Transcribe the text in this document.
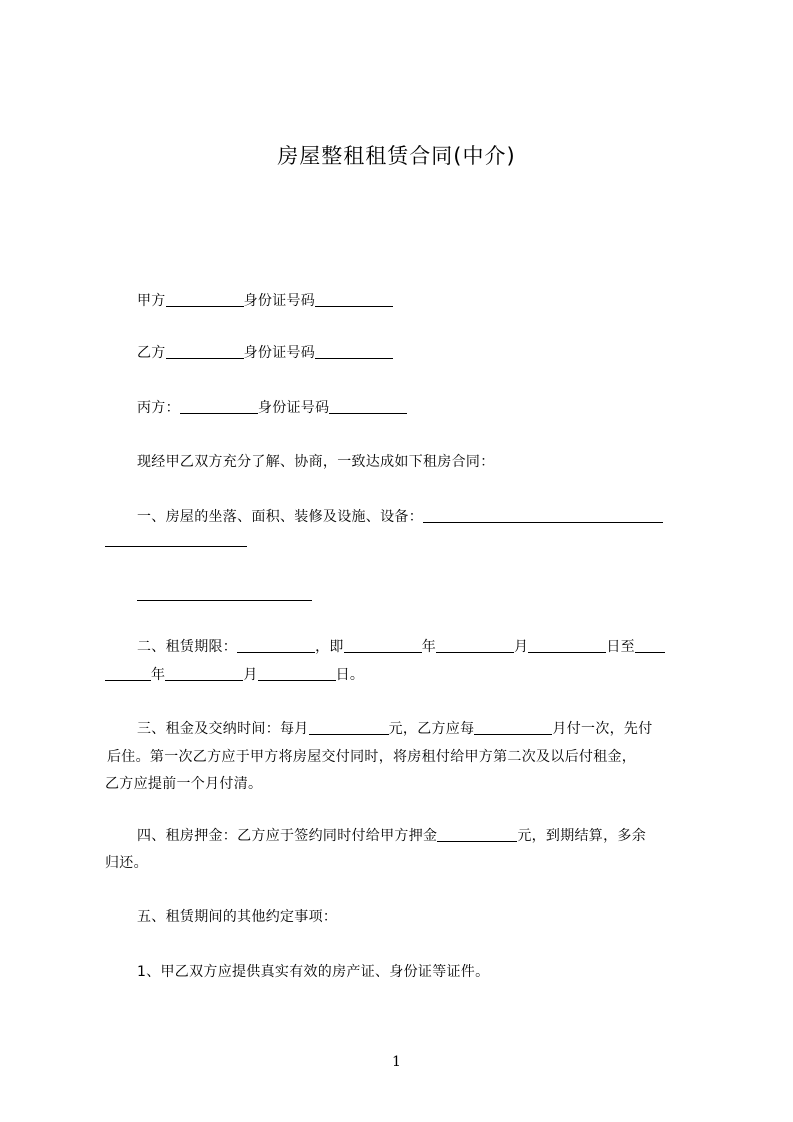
房屋整租租赁合同(中介)
甲方	身份证号码
乙方	身份证号码
丙方：	身份证号码
现经甲乙双方充分了解、协商，一致达成如下租房合同：
一、房屋的坐落、面积、装修及设施、设备：
二、租赁期限：	，即	年	月	日至
年	月	日。
三、租金及交纳时间：每月	元，乙方应每	月付一次，先付
后住。第一次乙方应于甲方将房屋交付同时，将房租付给甲方第二次及以后付租金，
乙方应提前一个月付清。
四、租房押金：乙方应于签约同时付给甲方押金	元，到期结算，多余
归还。
五、租赁期间的其他约定事项：
1、甲乙双方应提供真实有效的房产证、身份证等证件。
1
